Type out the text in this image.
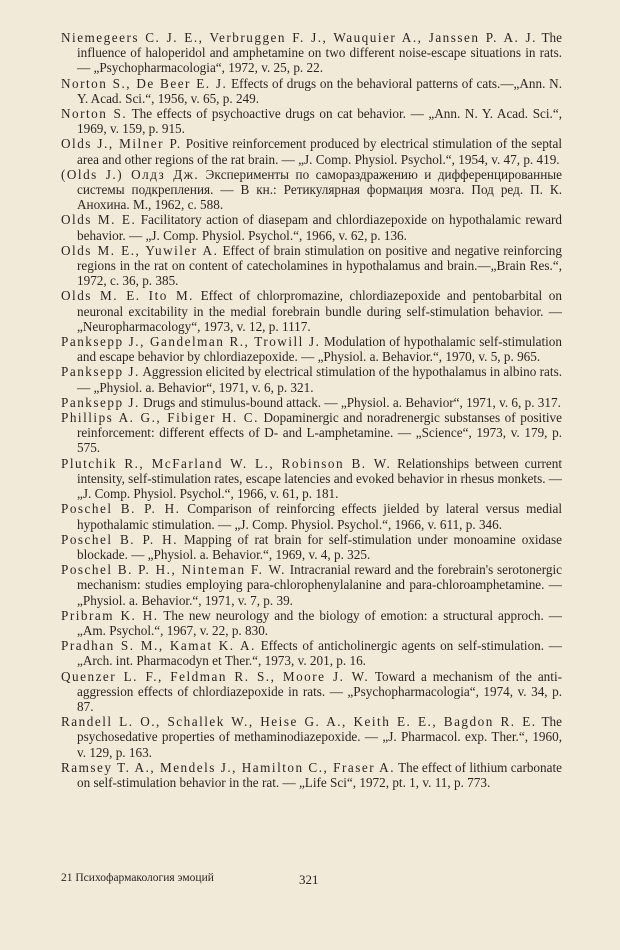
Niemegeers C. J. E., Verbruggen F. J., Wauquier A., Janssen P. A. J. The influence of haloperidol and amphetamine on two different noise-escape situations in rats. — „Psychopharmacologia“, 1972, v. 25, p. 22.

Norton S., De Beer E. J. Effects of drugs on the behavioral patterns of cats.—„Ann. N. Y. Acad. Sci.“, 1956, v. 65, p. 249.

Norton S. The effects of psychoactive drugs on cat behavior. — „Ann. N. Y. Acad. Sci.“, 1969, v. 159, p. 915.

Olds J., Milner P. Positive reinforcement produced by electrical stimulation of the septal area and other regions of the rat brain. — „J. Comp. Physiol. Psychol.“, 1954, v. 47, p. 419.

(Olds J.) Олдз Дж. Экcперименты по самораздражению и дифференцированные системы подкрепления. — В кн.: Ретикулярная формация мозга. Под ред. П. К. Анохина. М., 1962, с. 588.

Olds M. E. Facilitatory action of diasepam and chlordiazepoxide on hypothalamic reward behavior. — „J. Comp. Physiol. Psychol.“, 1966, v. 62, p. 136.

Olds M. E., Yuwiler A. Effect of brain stimulation on positive and negative reinforcing regions in the rat on content of catecholamines in hypothalamus and brain.—„Brain Res.“, 1972, c. 36, p. 385.

Olds M. E. Ito M. Effect of chlorpromazine, chlordiazepoxide and pentobarbital on neuronal excitability in the medial forebrain bundle during self-stimulation behavior. — „Neuropharmacology“, 1973, v. 12, p. 1117.

Panksepp J., Gandelman R., Trowill J. Modulation of hypothalamic self-stimulation and escape behavior by chlordiazepoxide. — „Physiol. a. Behavior.“, 1970, v. 5, p. 965.

Panksepp J. Aggression elicited by electrical stimulation of the hypothalamus in albino rats. — „Physiol. a. Behavior“, 1971, v. 6, p. 321.

Panksepp J. Drugs and stimulus-bound attack. — „Physiol. a. Behavior“, 1971, v. 6, p. 317.

Phillips A. G., Fibiger H. C. Dopaminergic and noradrenergic substanses of positive reinforcement: different effects of D- and L-amphetamine. — „Science“, 1973, v. 179, p. 575.

Plutchik R., McFarland W. L., Robinson B. W. Relationships between current intensity, self-stimulation rates, escape latencies and evoked behavior in rhesus monkets. — „J. Comp. Physiol. Psychol.“, 1966, v. 61, p. 181.

Poschel B. P. H. Comparison of reinforcing effects jielded by lateral versus medial hypothalamic stimulation. — „J. Comp. Physiol. Psychol.“, 1966, v. 611, p. 346.

Poschel B. P. H. Mapping of rat brain for self-stimulation under monoamine oxidase blockade. — „Physiol. a. Behavior.“, 1969, v. 4, p. 325.

Poschel B. P. H., Ninteman F. W. Intracranial reward and the forebrain's serotonergic mechanism: studies employing para-chlorophenylalanine and para-chloroamphetamine. — „Physiol. a. Behavior.“, 1971, v. 7, p. 39.

Pribram K. H. The new neurology and the biology of emotion: a structural approch. — „Am. Psychol.“, 1967, v. 22, p. 830.

Pradhan S. M., Kamat K. A. Effects of anticholinergic agents on self-stimulation. — „Arch. int. Pharmacodyn et Ther.“, 1973, v. 201, p. 16.

Quenzer L. F., Feldman R. S., Moore J. W. Toward a mechanism of the anti-aggression effects of chlordiazepoxide in rats. — „Psychopharmacologia“, 1974, v. 34, p. 87.

Randell L. O., Schallek W., Heise G. A., Keith E. E., Bagdon R. E. The psychosedative properties of methaminodiazepoxide. — „J. Pharmacol. exp. Ther.“, 1960, v. 129, p. 163.

Ramsey T. A., Mendels J., Hamilton C., Fraser A. The effect of lithium carbonate on self-stimulation behavior in the rat. — „Life Sci“, 1972, pt. 1, v. 11, p. 773.

21 Психофармакология эмоций	321
